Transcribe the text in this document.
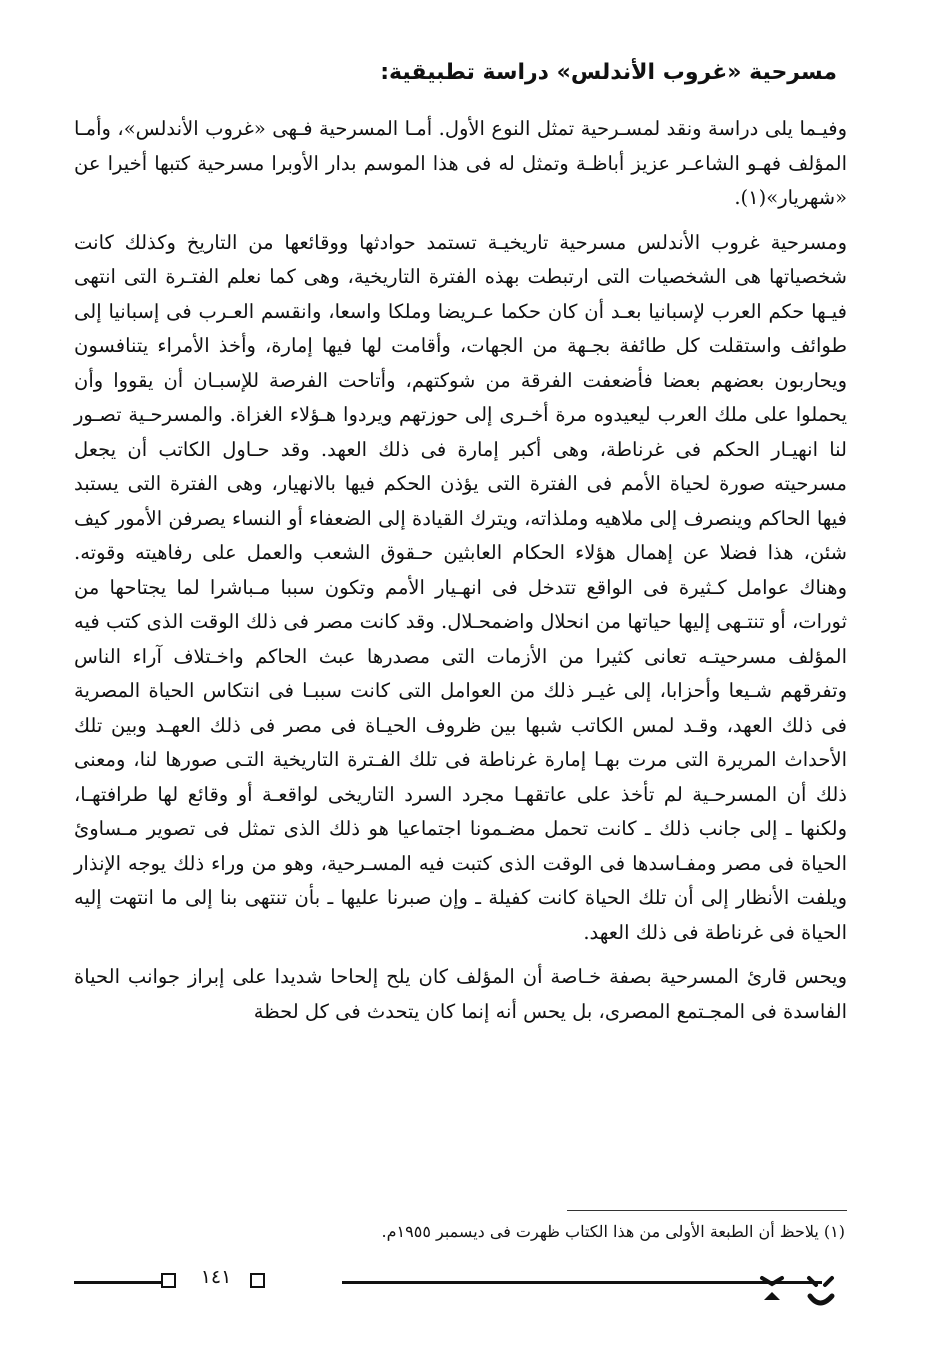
مسرحية «غروب الأندلس» دراسة تطبيقية:

وفيـما يلى دراسة ونقد لمسـرحية تمثل النوع الأول. أمـا المسرحية فـهى «غروب الأندلس»، وأمـا المؤلف فهـو الشاعـر عزيز أباظـة وتمثل له فى هذا الموسم بدار الأوبرا مسرحية كتبها أخيرا عن «شهريار»(١).

ومسرحية غروب الأندلس مسرحية تاريخيـة تستمد حوادثها ووقائعها من التاريخ وكذلك كانت شخصياتها هى الشخصيات التى ارتبطت بهذه الفترة التاريخية، وهى كما نعلم الفتـرة التى انتهى فيـها حكم العرب لإسبانيا بعـد أن كان حكما عـريضا وملكا واسعا، وانقسم العـرب فى إسبانيا إلى طوائف واستقلت كل طائفة بجـهة من الجهات، وأقامت لها فيها إمارة، وأخذ الأمراء يتنافسون ويحاربون بعضهم بعضا فأضعفت الفرقة من شوكتهم، وأتاحت الفرصة للإسبـان أن يقووا وأن يحملوا على ملك العرب ليعيدوه مرة أخـرى إلى حوزتهم ويردوا هـؤلاء الغزاة. والمسرحـية تصـور لنا انهيـار الحكم فى غرناطة، وهى أكبر إمارة فى ذلك العهد. وقد حـاول الكاتب أن يجعل مسرحيته صورة لحياة الأمم فى الفترة التى يؤذن الحكم فيها بالانهيار، وهى الفترة التى يستبد فيها الحاكم وينصرف إلى ملاهيه وملذاته، ويترك القيادة إلى الضعفاء أو النساء يصرفن الأمور كيف شئن، هذا فضلا عن إهمال هؤلاء الحكام العابثين حـقوق الشعب والعمل على رفاهيته وقوته. وهناك عوامل كـثيرة فى الواقع تتدخل فى انهـيار الأمم وتكون سببا مـباشرا لما يجتاحها من ثورات، أو تنتـهى إليها حياتها من انحلال واضمحـلال. وقد كانت مصر فى ذلك الوقت الذى كتب فيه المؤلف مسرحيتـه تعانى كثيرا من الأزمات التى مصدرها عبث الحاكم واخـتلاف آراء الناس وتفرقهم شـيعا وأحزابا، إلى غيـر ذلك من العوامل التى كانت سببـا فى انتكاس الحياة المصرية فى ذلك العهد، وقـد لمس الكاتب شبها بين ظروف الحيـاة فى مصر فى ذلك العهـد وبين تلك الأحداث المريرة التى مرت بهـا إمارة غرناطة فى تلك الفـترة التاريخية التـى صورها لنا، ومعنى ذلك أن المسرحـية لم تأخذ على عاتقهـا مجرد السرد التاريخى لواقعـة أو وقائع لها طرافتهـا، ولكنها ـ إلى جانب ذلك ـ كانت تحمل مضـمونا اجتماعيا هو ذلك الذى تمثل فى تصوير مـساوئ الحياة فى مصر ومفـاسدها فى الوقت الذى كتبت فيه المسـرحية، وهو من وراء ذلك يوجه الإنذار ويلفت الأنظار إلى أن تلك الحياة كانت كفيلة ـ وإن صبرنا عليها ـ بأن تنتهى بنا إلى ما انتهت إليه الحياة فى غرناطة فى ذلك العهد.

ويحس قارئ المسرحية بصفة خـاصة أن المؤلف كان يلح إلحاحا شديدا على إبراز جوانب الحياة الفاسدة فى المجـتمع المصرى، بل يحس أنه إنما كان يتحدث فى كل لحظة

(١) يلاحظ أن الطبعة الأولى من هذا الكتاب ظهرت فى ديسمبر ١٩٥٥م.
١٤١
